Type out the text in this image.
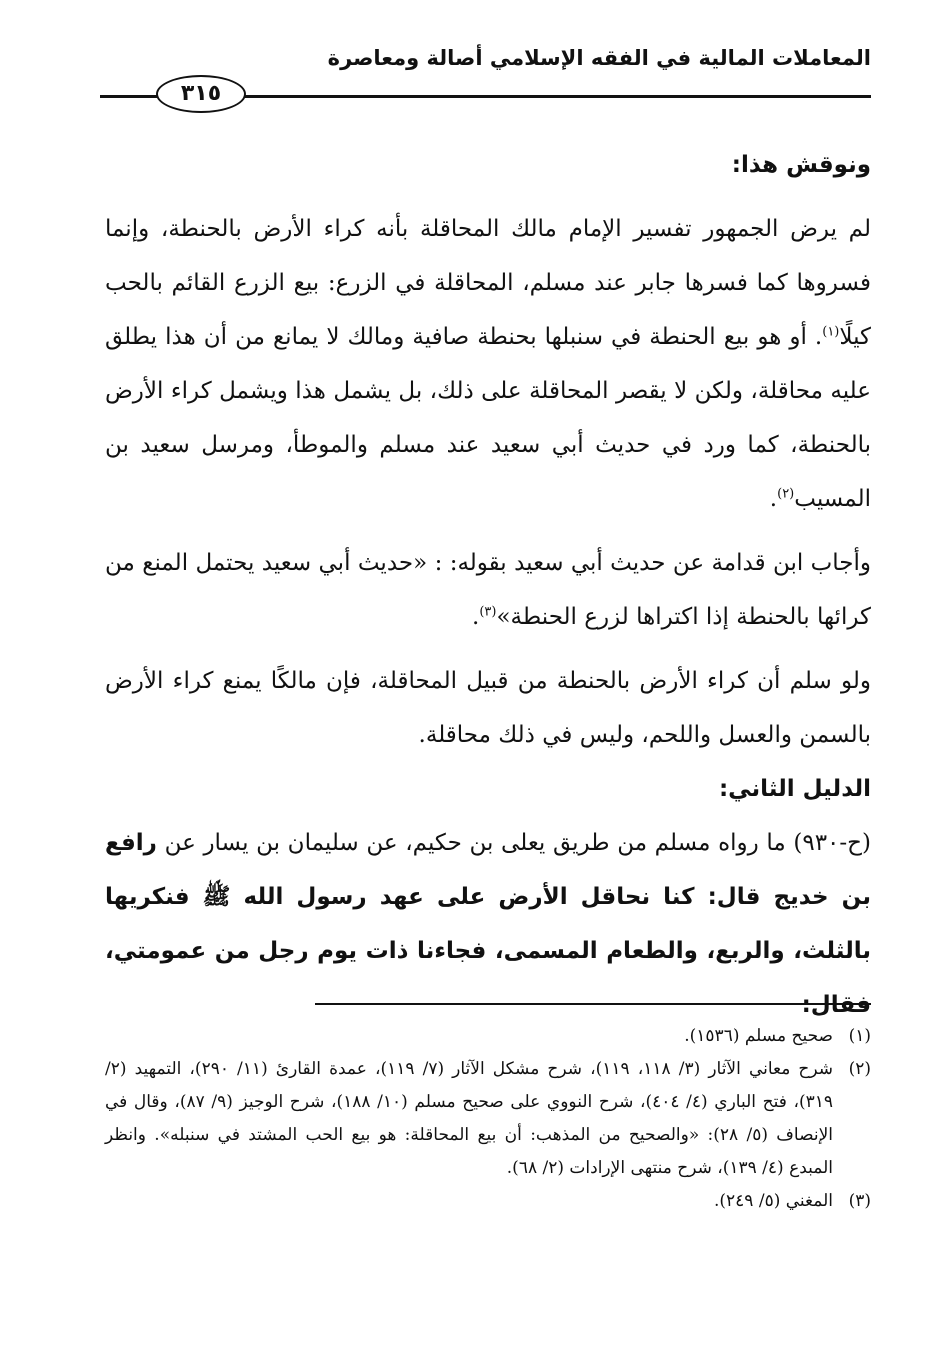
المعاملات المالية في الفقه الإسلامي أصالة ومعاصرة
٣١٥

ونوقش هذا:

لم يرض الجمهور تفسير الإمام مالك المحاقلة بأنه كراء الأرض بالحنطة، وإنما فسروها كما فسرها جابر عند مسلم، المحاقلة في الزرع: بيع الزرع القائم بالحب كيلًا$^{(١)}$. أو هو بيع الحنطة في سنبلها بحنطة صافية ومالك لا يمانع من أن هذا يطلق عليه محاقلة، ولكن لا يقصر المحاقلة على ذلك، بل يشمل هذا ويشمل كراء الأرض بالحنطة، كما ورد في حديث أبي سعيد عند مسلم والموطأ، ومرسل سعيد بن المسيب$^{(٢)}$.

وأجاب ابن قدامة عن حديث أبي سعيد بقوله: : «حديث أبي سعيد يحتمل المنع من كرائها بالحنطة إذا اكتراها لزرع الحنطة»$^{(٣)}$.

ولو سلم أن كراء الأرض بالحنطة من قبيل المحاقلة، فإن مالكًا يمنع كراء الأرض بالسمن والعسل واللحم، وليس في ذلك محاقلة.

الدليل الثاني:

(ح-٩٣٠) ما رواه مسلم من طريق يعلى بن حكيم، عن سليمان بن يسار عن رافع بن خديج قال: كنا نحاقل الأرض على عهد رسول الله ﷺ فنكريها بالثلث، والربع، والطعام المسمى، فجاءنا ذات يوم رجل من عمومتي، فقال:

(١)
صحيح مسلم (١٥٣٦).

(٢)
شرح معاني الآثار (٣/ ١١٨، ١١٩)، شرح مشكل الآثار (٧/ ١١٩)، عمدة القارئ (١١/ ٢٩٠)، التمهيد (٢/ ٣١٩)، فتح الباري (٤/ ٤٠٤)، شرح النووي على صحيح مسلم (١٠/ ١٨٨)، شرح الوجيز (٩/ ٨٧)، وقال في الإنصاف (٥/ ٢٨): «والصحيح من المذهب: أن بيع المحاقلة: هو بيع الحب المشتد في سنبله». وانظر المبدع (٤/ ١٣٩)، شرح منتهى الإرادات (٢/ ٦٨).

(٣)
المغني (٥/ ٢٤٩).
